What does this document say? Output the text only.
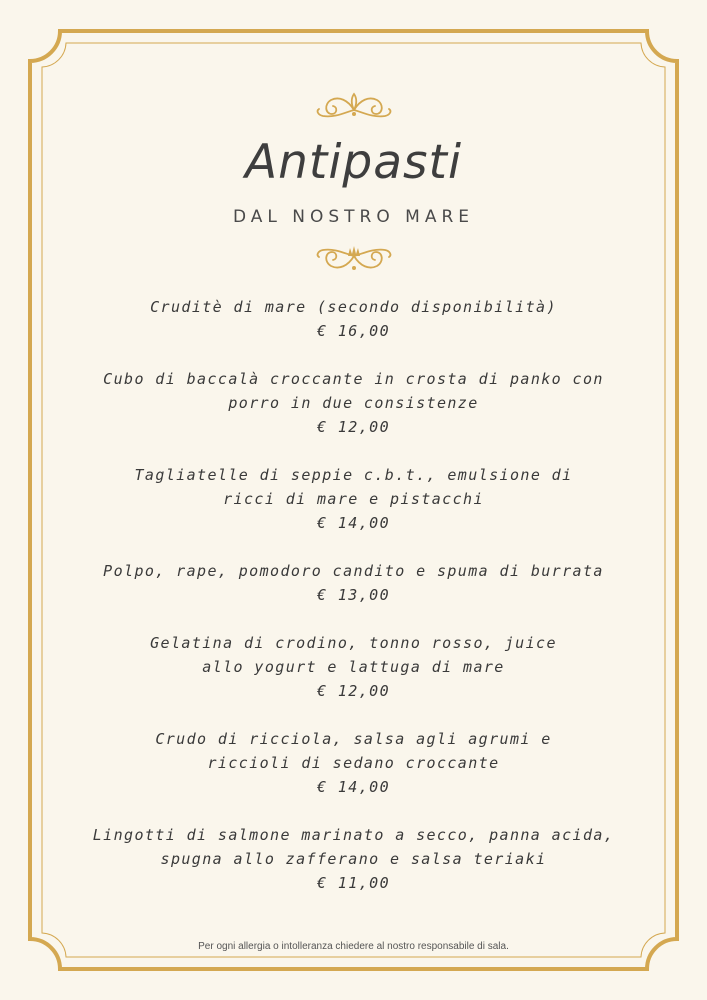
Antipasti
DAL NOSTRO MARE
Cruditè di mare (secondo disponibilità)
€ 16,00
Cubo di baccalà croccante in crosta di panko con porro in due consistenze
€ 12,00
Tagliatelle di seppie c.b.t., emulsione di ricci di mare e pistacchi
€ 14,00
Polpo, rape, pomodoro candito e spuma di burrata
€ 13,00
Gelatina di crodino, tonno rosso, juice allo yogurt e lattuga di mare
€ 12,00
Crudo di ricciola, salsa agli agrumi e riccioli di sedano croccante
€ 14,00
Lingotti di salmone marinato a secco, panna acida, spugna allo zafferano e salsa teriaki
€ 11,00
Per ogni allergia o intolleranza chiedere al nostro responsabile di sala.
